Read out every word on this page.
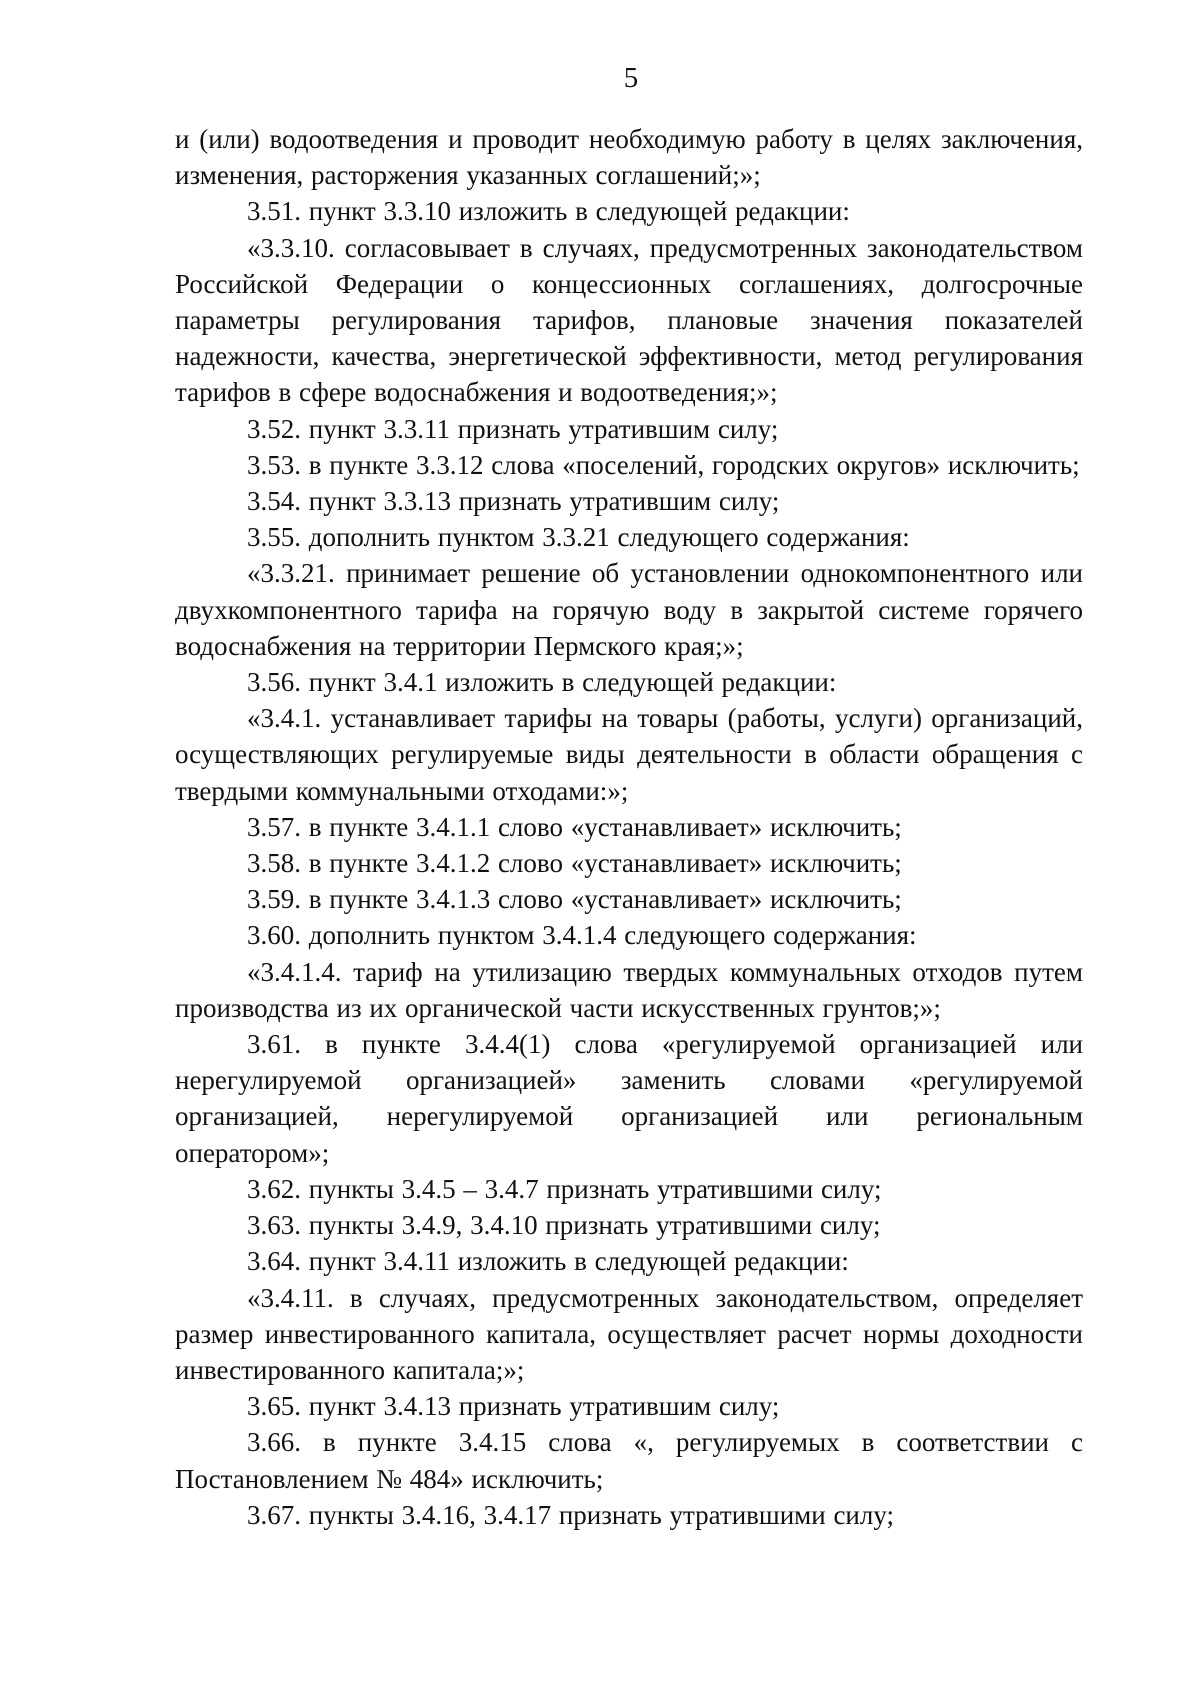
5

и (или) водоотведения и проводит необходимую работу в целях заключения, изменения, расторжения указанных соглашений;»;

3.51. пункт 3.3.10 изложить в следующей редакции:

«3.3.10. согласовывает в случаях, предусмотренных законодательством Российской Федерации о концессионных соглашениях, долгосрочные параметры регулирования тарифов, плановые значения показателей надежности, качества, энергетической эффективности, метод регулирования тарифов в сфере водоснабжения и водоотведения;»;

3.52. пункт 3.3.11 признать утратившим силу;

3.53. в пункте 3.3.12 слова «поселений, городских округов» исключить;

3.54. пункт 3.3.13 признать утратившим силу;

3.55. дополнить пунктом 3.3.21 следующего содержания:

«3.3.21. принимает решение об установлении однокомпонентного или двухкомпонентного тарифа на горячую воду в закрытой системе горячего водоснабжения на территории Пермского края;»;

3.56. пункт 3.4.1 изложить в следующей редакции:

«3.4.1. устанавливает тарифы на товары (работы, услуги) организаций, осуществляющих регулируемые виды деятельности в области обращения с твердыми коммунальными отходами:»;

3.57. в пункте 3.4.1.1 слово «устанавливает» исключить;

3.58. в пункте 3.4.1.2 слово «устанавливает» исключить;

3.59. в пункте 3.4.1.3 слово «устанавливает» исключить;

3.60. дополнить пунктом 3.4.1.4 следующего содержания:

«3.4.1.4. тариф на утилизацию твердых коммунальных отходов путем производства из их органической части искусственных грунтов;»;

3.61. в пункте 3.4.4(1) слова «регулируемой организацией или нерегулируемой организацией» заменить словами «регулируемой организацией, нерегулируемой организацией или региональным оператором»;

3.62. пункты 3.4.5 – 3.4.7 признать утратившими силу;

3.63. пункты 3.4.9, 3.4.10 признать утратившими силу;

3.64. пункт 3.4.11 изложить в следующей редакции:

«3.4.11. в случаях, предусмотренных законодательством, определяет размер инвестированного капитала, осуществляет расчет нормы доходности инвестированного капитала;»;

3.65. пункт 3.4.13 признать утратившим силу;

3.66. в пункте 3.4.15 слова «, регулируемых в соответствии с Постановлением № 484» исключить;

3.67. пункты 3.4.16, 3.4.17 признать утратившими силу;
